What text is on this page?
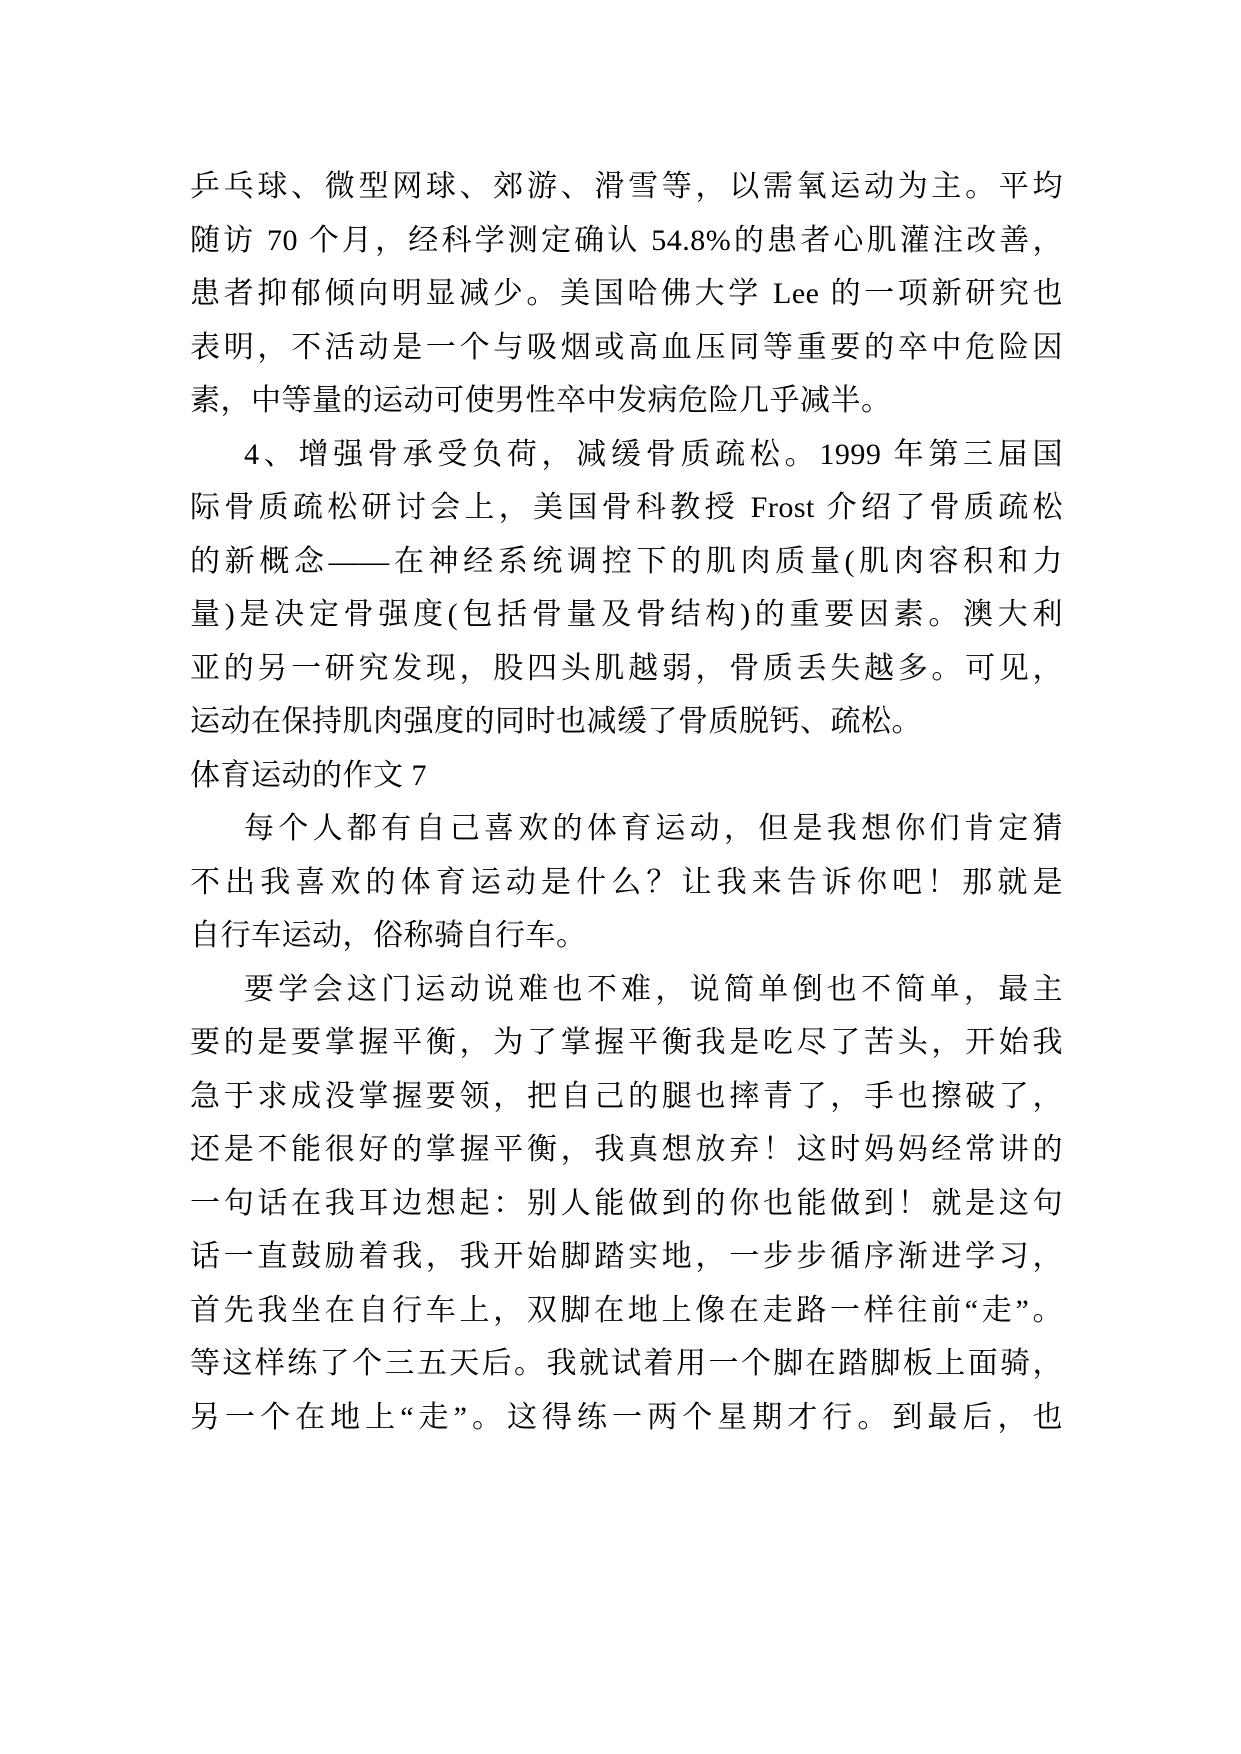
乒乓球、微型网球、郊游、滑雪等，以需氧运动为主。平均
随访 70 个月，经科学测定确认 54.8%的患者心肌灌注改善，
患者抑郁倾向明显减少。美国哈佛大学 Lee 的一项新研究也
表明，不活动是一个与吸烟或高血压同等重要的卒中危险因
素，中等量的运动可使男性卒中发病危险几乎减半。
4、增强骨承受负荷，减缓骨质疏松。1999 年第三届国
际骨质疏松研讨会上，美国骨科教授 Frost 介绍了骨质疏松
的新概念——在神经系统调控下的肌肉质量(肌肉容积和力
量)是决定骨强度(包括骨量及骨结构)的重要因素。澳大利
亚的另一研究发现，股四头肌越弱，骨质丢失越多。可见，
运动在保持肌肉强度的同时也减缓了骨质脱钙、疏松。
体育运动的作文 7
每个人都有自己喜欢的体育运动，但是我想你们肯定猜
不出我喜欢的体育运动是什么？让我来告诉你吧！那就是
自行车运动，俗称骑自行车。
要学会这门运动说难也不难，说简单倒也不简单，最主
要的是要掌握平衡，为了掌握平衡我是吃尽了苦头，开始我
急于求成没掌握要领，把自己的腿也摔青了，手也擦破了，
还是不能很好的掌握平衡，我真想放弃！这时妈妈经常讲的
一句话在我耳边想起：别人能做到的你也能做到！就是这句
话一直鼓励着我，我开始脚踏实地，一步步循序渐进学习，
首先我坐在自行车上，双脚在地上像在走路一样往前“走”。
等这样练了个三五天后。我就试着用一个脚在踏脚板上面骑，
另一个在地上“走”。这得练一两个星期才行。到最后，也
